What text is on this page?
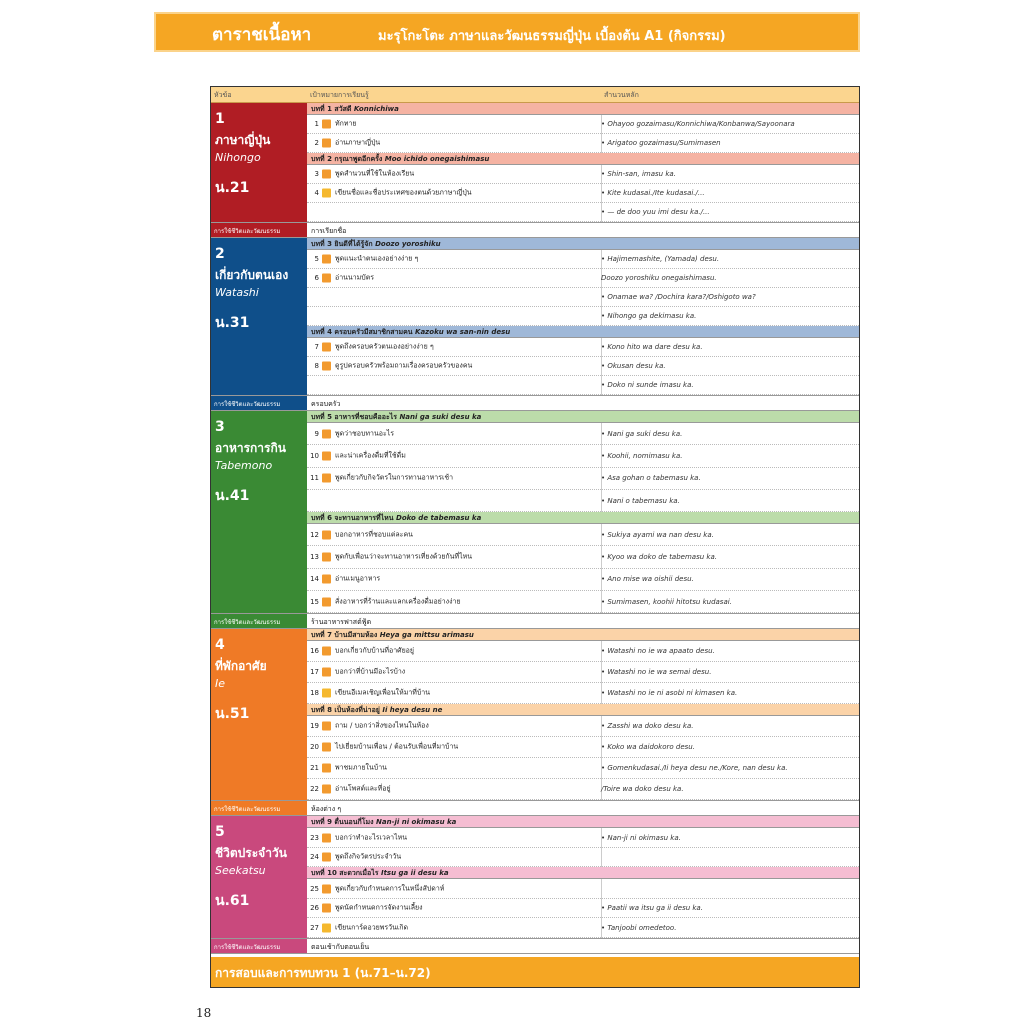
ตาราชเนื้อหา	มะรุโกะโตะ ภาษาและวัฒนธรรมญี่ปุ่น เบื้องต้น A1 (กิจกรรม)
หัวข้อ	เป้าหมายการเรียนรู้	สำนวนหลัก
การสอบและการทบทวน 1 (น.71–น.72)
1
ภาษาญี่ปุ่น
Nihongo
น.21
บทที่ 1 สวัสดี Konnichiwa
1 ทักทาย	• Ohayoo gozaimasu/Konnichiwa/Konbanwa/Sayoonara
2 อ่านภาษาญี่ปุ่น	• Arigatoo gozaimasu/Sumimasen
บทที่ 2 กรุณาพูดอีกครั้ง Moo ichido onegaishimasu
3 พูดสำนวนที่ใช้ในห้องเรียน	• Shin-san, imasu ka.
4 เขียนชื่อและชื่อประเทศของตนด้วยภาษาญี่ปุ่น	• Kite kudasai./Ite kudasai./...
• — de doo yuu imi desu ka./...
การใช้ชีวิตและวัฒนธรรม	การเรียกชื่อ
2
เกี่ยวกับตนเอง
Watashi
น.31
บทที่ 3 ยินดีที่ได้รู้จัก Doozo yoroshiku
5 พูดแนะนำตนเองอย่างง่าย ๆ	• Hajimemashite, (Yamada) desu.
6 อ่านนามบัตร	Doozo yoroshiku onegaishimasu.
• Onamae wa? /Dochira kara?/Oshigoto wa?
• Nihongo ga dekimasu ka.
บทที่ 4 ครอบครัวมีสมาชิกสามคน Kazoku wa san-nin desu
7 พูดถึงครอบครัวตนเองอย่างง่าย ๆ	• Kono hito wa dare desu ka.
8 ดูรูปครอบครัวพร้อมถามเรื่องครอบครัวของคน	• Okusan desu ka.
• Doko ni sunde imasu ka.
การใช้ชีวิตและวัฒนธรรม	ครอบครัว
3
อาหารการกิน
Tabemono
น.41
บทที่ 5 อาหารที่ชอบคืออะไร Nani ga suki desu ka
9 พูดว่าชอบทานอะไร	• Nani ga suki desu ka.
10 และน่าเครื่องดื่มที่ใช้ดื่ม	• Koohii, nomimasu ka.
11 พูดเกี่ยวกับกิจวัตรในการทานอาหารเช้า	• Asa gohan o tabemasu ka.
• Nani o tabemasu ka.
บทที่ 6 จะทานอาหารที่ไหน Doko de tabemasu ka
12 บอกอาหารที่ชอบแต่ละคน	• Sukiya ayami wa nan desu ka.
13 พูดกับเพื่อนว่าจะทานอาหารเที่ยงด้วยกันที่ไหน	• Kyoo wa doko de tabemasu ka.
14 อ่านเมนูอาหาร	• Ano mise wa oishii desu.
15 สั่งอาหารที่ร้านและแลกเครื่องดื่มอย่างง่าย	• Sumimasen, koohii hitotsu kudasai.
การใช้ชีวิตและวัฒนธรรม	ร้านอาหารฟาสต์ฟู้ด
4
ที่พักอาศัย
Ie
น.51
บทที่ 7 บ้านมีสามห้อง Heya ga mittsu arimasu
16 บอกเกี่ยวกับบ้านที่อาศัยอยู่	• Watashi no ie wa apaato desu.
17 บอกว่าที่บ้านมีอะไรบ้าง	• Watashi no ie wa semai desu.
18 เขียนอีเมลเชิญเพื่อนให้มาที่บ้าน	• Watashi no ie ni asobi ni kimasen ka.
บทที่ 8 เป็นห้องที่น่าอยู่ Ii heya desu ne
19 ถาม / บอกว่าสิ่งของไหนในห้อง	• Zasshi wa doko desu ka.
20 ไปเยี่ยมบ้านเพื่อน / ต้อนรับเพื่อนที่มาบ้าน	• Koko wa daidokoro desu.
21 พาชมภายในบ้าน	• Gomenkudasai./Ii heya desu ne./Kore, nan desu ka.
22 อ่านโพสต์และที่อยู่	/Toire wa doko desu ka.
การใช้ชีวิตและวัฒนธรรม	ห้องต่าง ๆ
5
ชีวิตประจำวัน
Seekatsu
น.61
บทที่ 9 ตื่นนอนกี่โมง Nan-ji ni okimasu ka
23 บอกว่าทำอะไรเวลาไหน	• Nan-ji ni okimasu ka.
24 พูดถึงกิจวัตรประจำวัน
บทที่ 10 สะดวกเมื่อไร Itsu ga ii desu ka
25 พูดเกี่ยวกับกำหนดการในหนึ่งสัปดาห์
26 พูดนัดกำหนดการจัดงานเลี้ยง	• Paatii wa itsu ga ii desu ka.
27 เขียนการ์ดอวยพรวันเกิด	• Tanjoobi omedetoo.
การใช้ชีวิตและวัฒนธรรม	ตอนเช้ากับตอนเย็น
18
